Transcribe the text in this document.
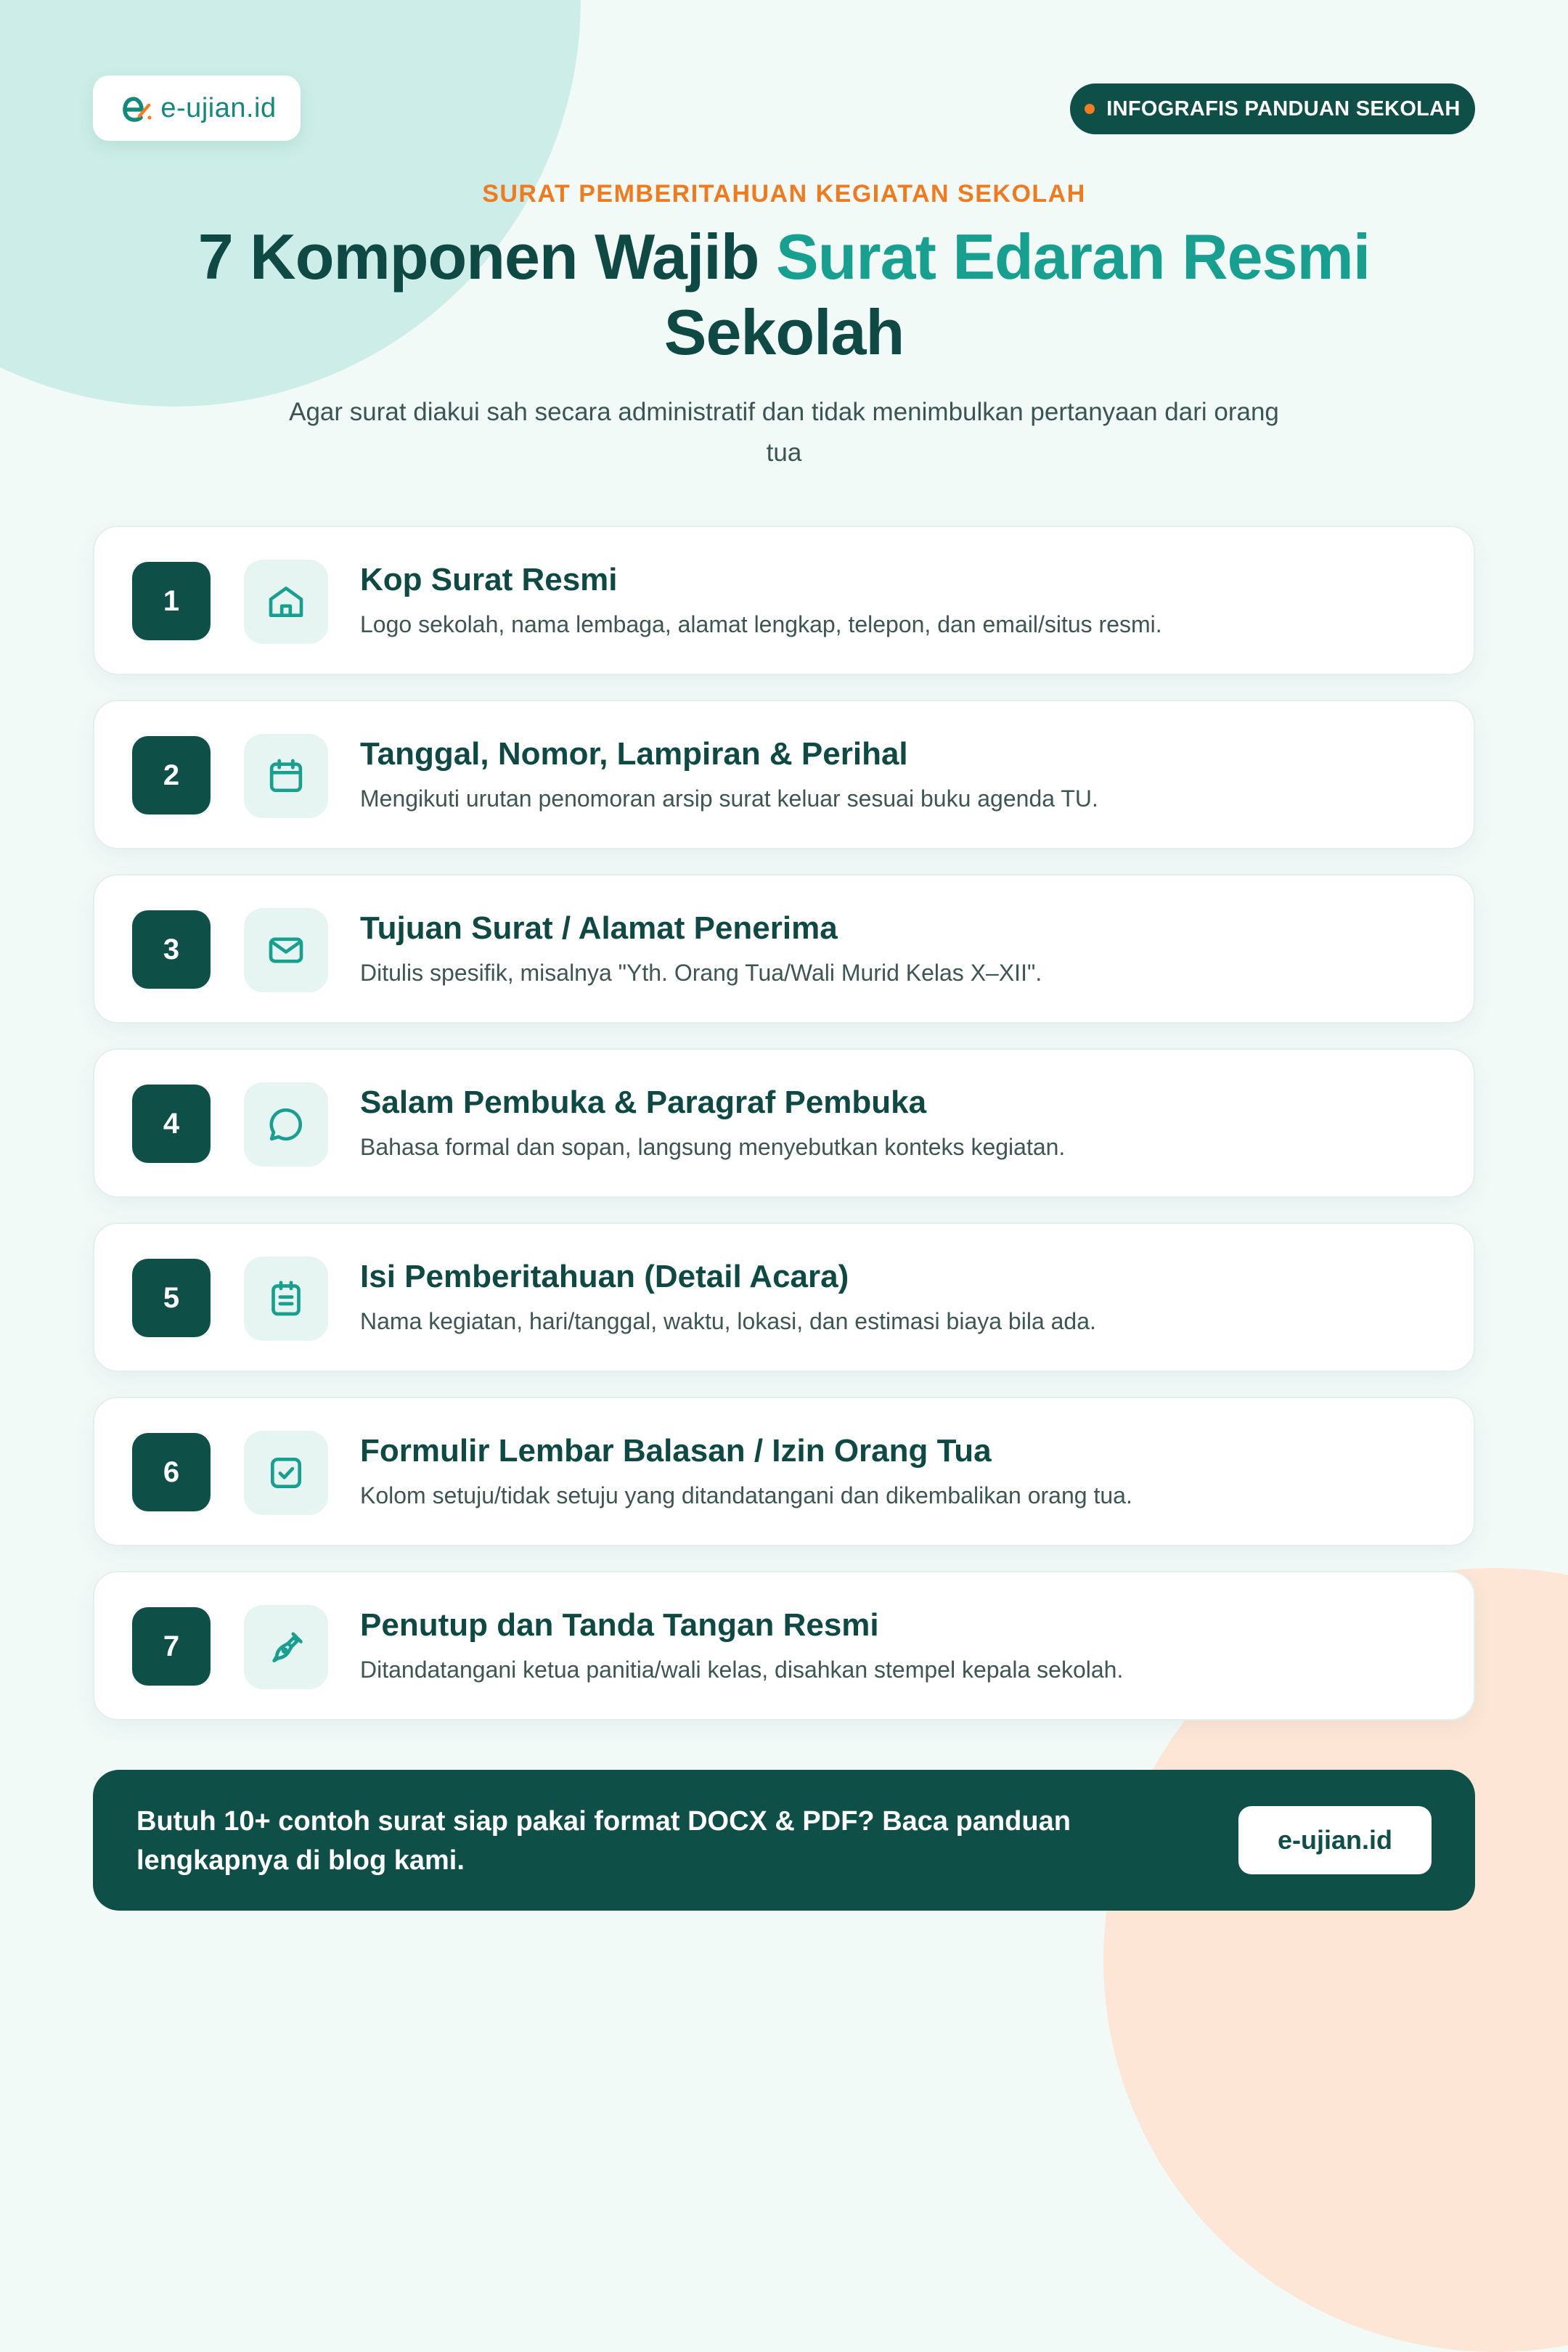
e-ujian.id	INFOGRAFIS PANDUAN SEKOLAH
SURAT PEMBERITAHUAN KEGIATAN SEKOLAH
7 Komponen Wajib Surat Edaran Resmi
Sekolah
Agar surat diakui sah secara administratif dan tidak menimbulkan pertanyaan dari orang tua
1
Kop Surat Resmi
Logo sekolah, nama lembaga, alamat lengkap, telepon, dan email/situs resmi.
2
Tanggal, Nomor, Lampiran & Perihal
Mengikuti urutan penomoran arsip surat keluar sesuai buku agenda TU.
3
Tujuan Surat / Alamat Penerima
Ditulis spesifik, misalnya "Yth. Orang Tua/Wali Murid Kelas X–XII".
4
Salam Pembuka & Paragraf Pembuka
Bahasa formal dan sopan, langsung menyebutkan konteks kegiatan.
5
Isi Pemberitahuan (Detail Acara)
Nama kegiatan, hari/tanggal, waktu, lokasi, dan estimasi biaya bila ada.
6
Formulir Lembar Balasan / Izin Orang Tua
Kolom setuju/tidak setuju yang ditandatangani dan dikembalikan orang tua.
7
Penutup dan Tanda Tangan Resmi
Ditandatangani ketua panitia/wali kelas, disahkan stempel kepala sekolah.
Butuh 10+ contoh surat siap pakai format DOCX & PDF? Baca panduan lengkapnya di blog kami.
e-ujian.id
